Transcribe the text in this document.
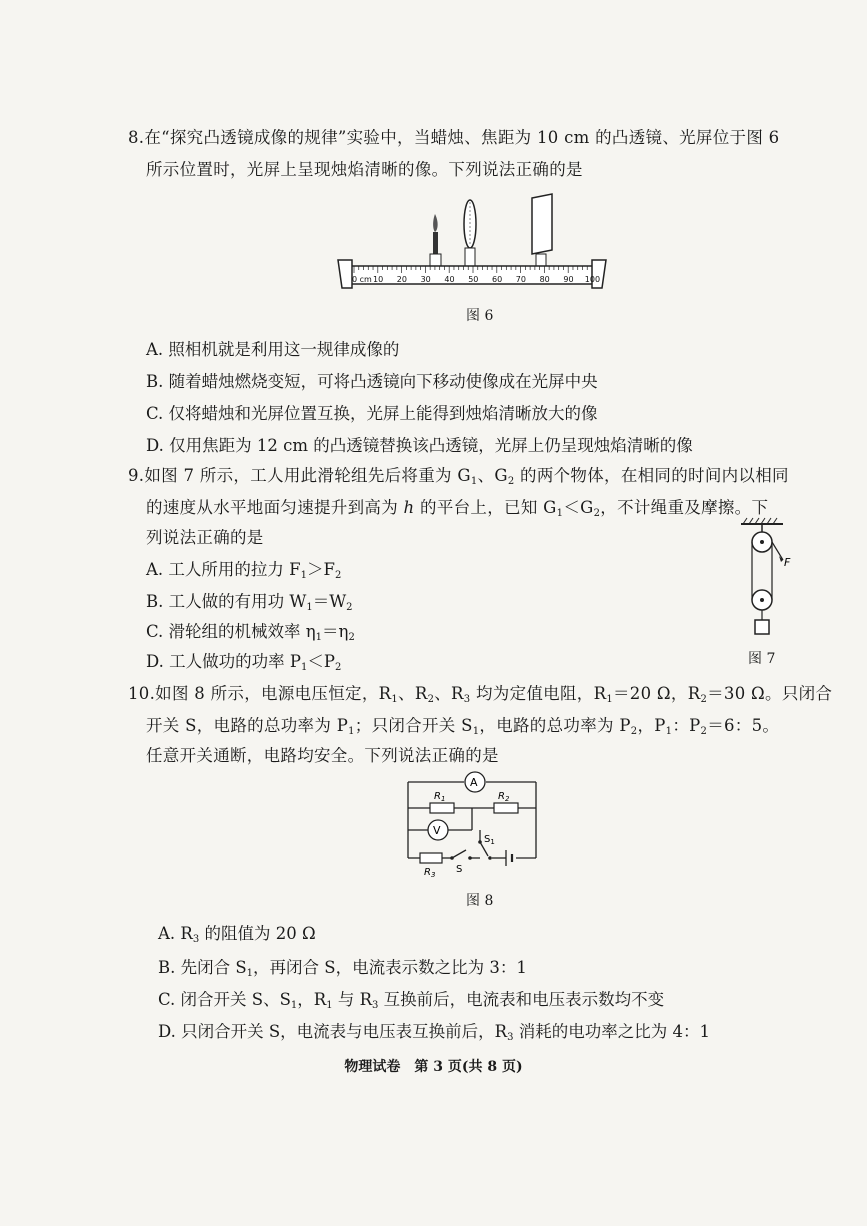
8.在“探究凸透镜成像的规律”实验中，当蜡烛、焦距为 10 cm 的凸透镜、光屏位于图 6
所示位置时，光屏上呈现烛焰清晰的像。下列说法正确的是
0 cm 10 20 30 40 50 60 70 80 90 100
图 6
A. 照相机就是利用这一规律成像的
B. 随着蜡烛燃烧变短，可将凸透镜向下移动使像成在光屏中央
C. 仅将蜡烛和光屏位置互换，光屏上能得到烛焰清晰放大的像
D. 仅用焦距为 12 cm 的凸透镜替换该凸透镜，光屏上仍呈现烛焰清晰的像
9.如图 7 所示，工人用此滑轮组先后将重为 $G_1$、$G_2$ 的两个物体，在相同的时间内以相同
的速度从水平地面匀速提升到高为 h 的平台上，已知 $G_1<G_2$，不计绳重及摩擦。下
列说法正确的是
A. 工人所用的拉力 $F_1>F_2$
B. 工人做的有用功 $W_1=W_2$
C. 滑轮组的机械效率 $\eta_1=\eta_2$
D. 工人做功的功率 $P_1<P_2$
F
图 7
10.如图 8 所示，电源电压恒定，$R_1$、$R_2$、$R_3$ 均为定值电阻，$R_1=20$ Ω，$R_2=30$ Ω。只闭合
开关 S，电路的总功率为 $P_1$；只闭合开关 $S_1$，电路的总功率为 $P_2$，$P_1$：$P_2=6$：5。
任意开关通断，电路均安全。下列说法正确的是
A
V
$R_1$	$R_2$
$R_3$ S
$S_1$
图 8
A. $R_3$ 的阻值为 20 Ω
B. 先闭合 $S_1$，再闭合 S，电流表示数之比为 3：1
C. 闭合开关 S、$S_1$，$R_1$ 与 $R_3$ 互换前后，电流表和电压表示数均不变
D. 只闭合开关 S，电流表与电压表互换前后，$R_3$ 消耗的电功率之比为 4：1
物理试卷　第 3 页(共 8 页)
